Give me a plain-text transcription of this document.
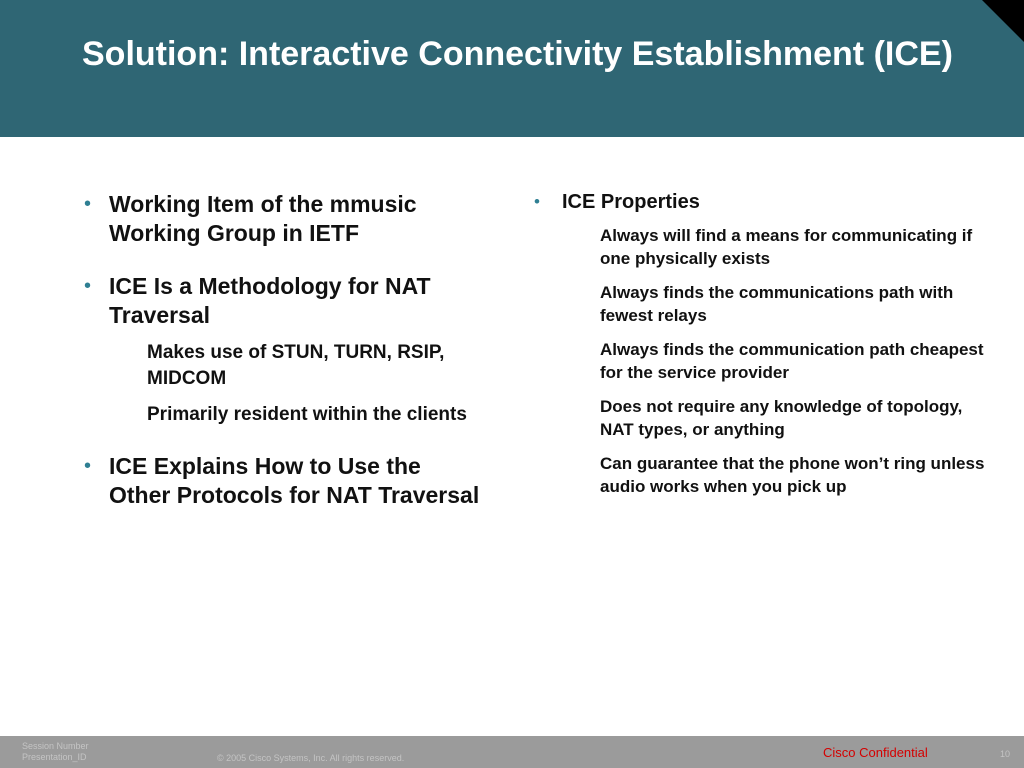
Solution: Interactive Connectivity Establishment (ICE)
• Working Item of the mmusic Working Group in IETF
• ICE Is a Methodology for NAT Traversal
Makes use of STUN, TURN, RSIP, MIDCOM
Primarily resident within the clients
• ICE Explains How to Use the Other Protocols for NAT Traversal
• ICE Properties
Always will find a means for communicating if one physically exists
Always finds the communications path with fewest relays
Always finds the communication path cheapest for the service provider
Does not require any knowledge of topology, NAT types, or anything
Can guarantee that the phone won’t ring unless audio works when you pick up
Session Number
Presentation_ID	© 2005 Cisco Systems, Inc. All rights reserved.	Cisco Confidential	10
